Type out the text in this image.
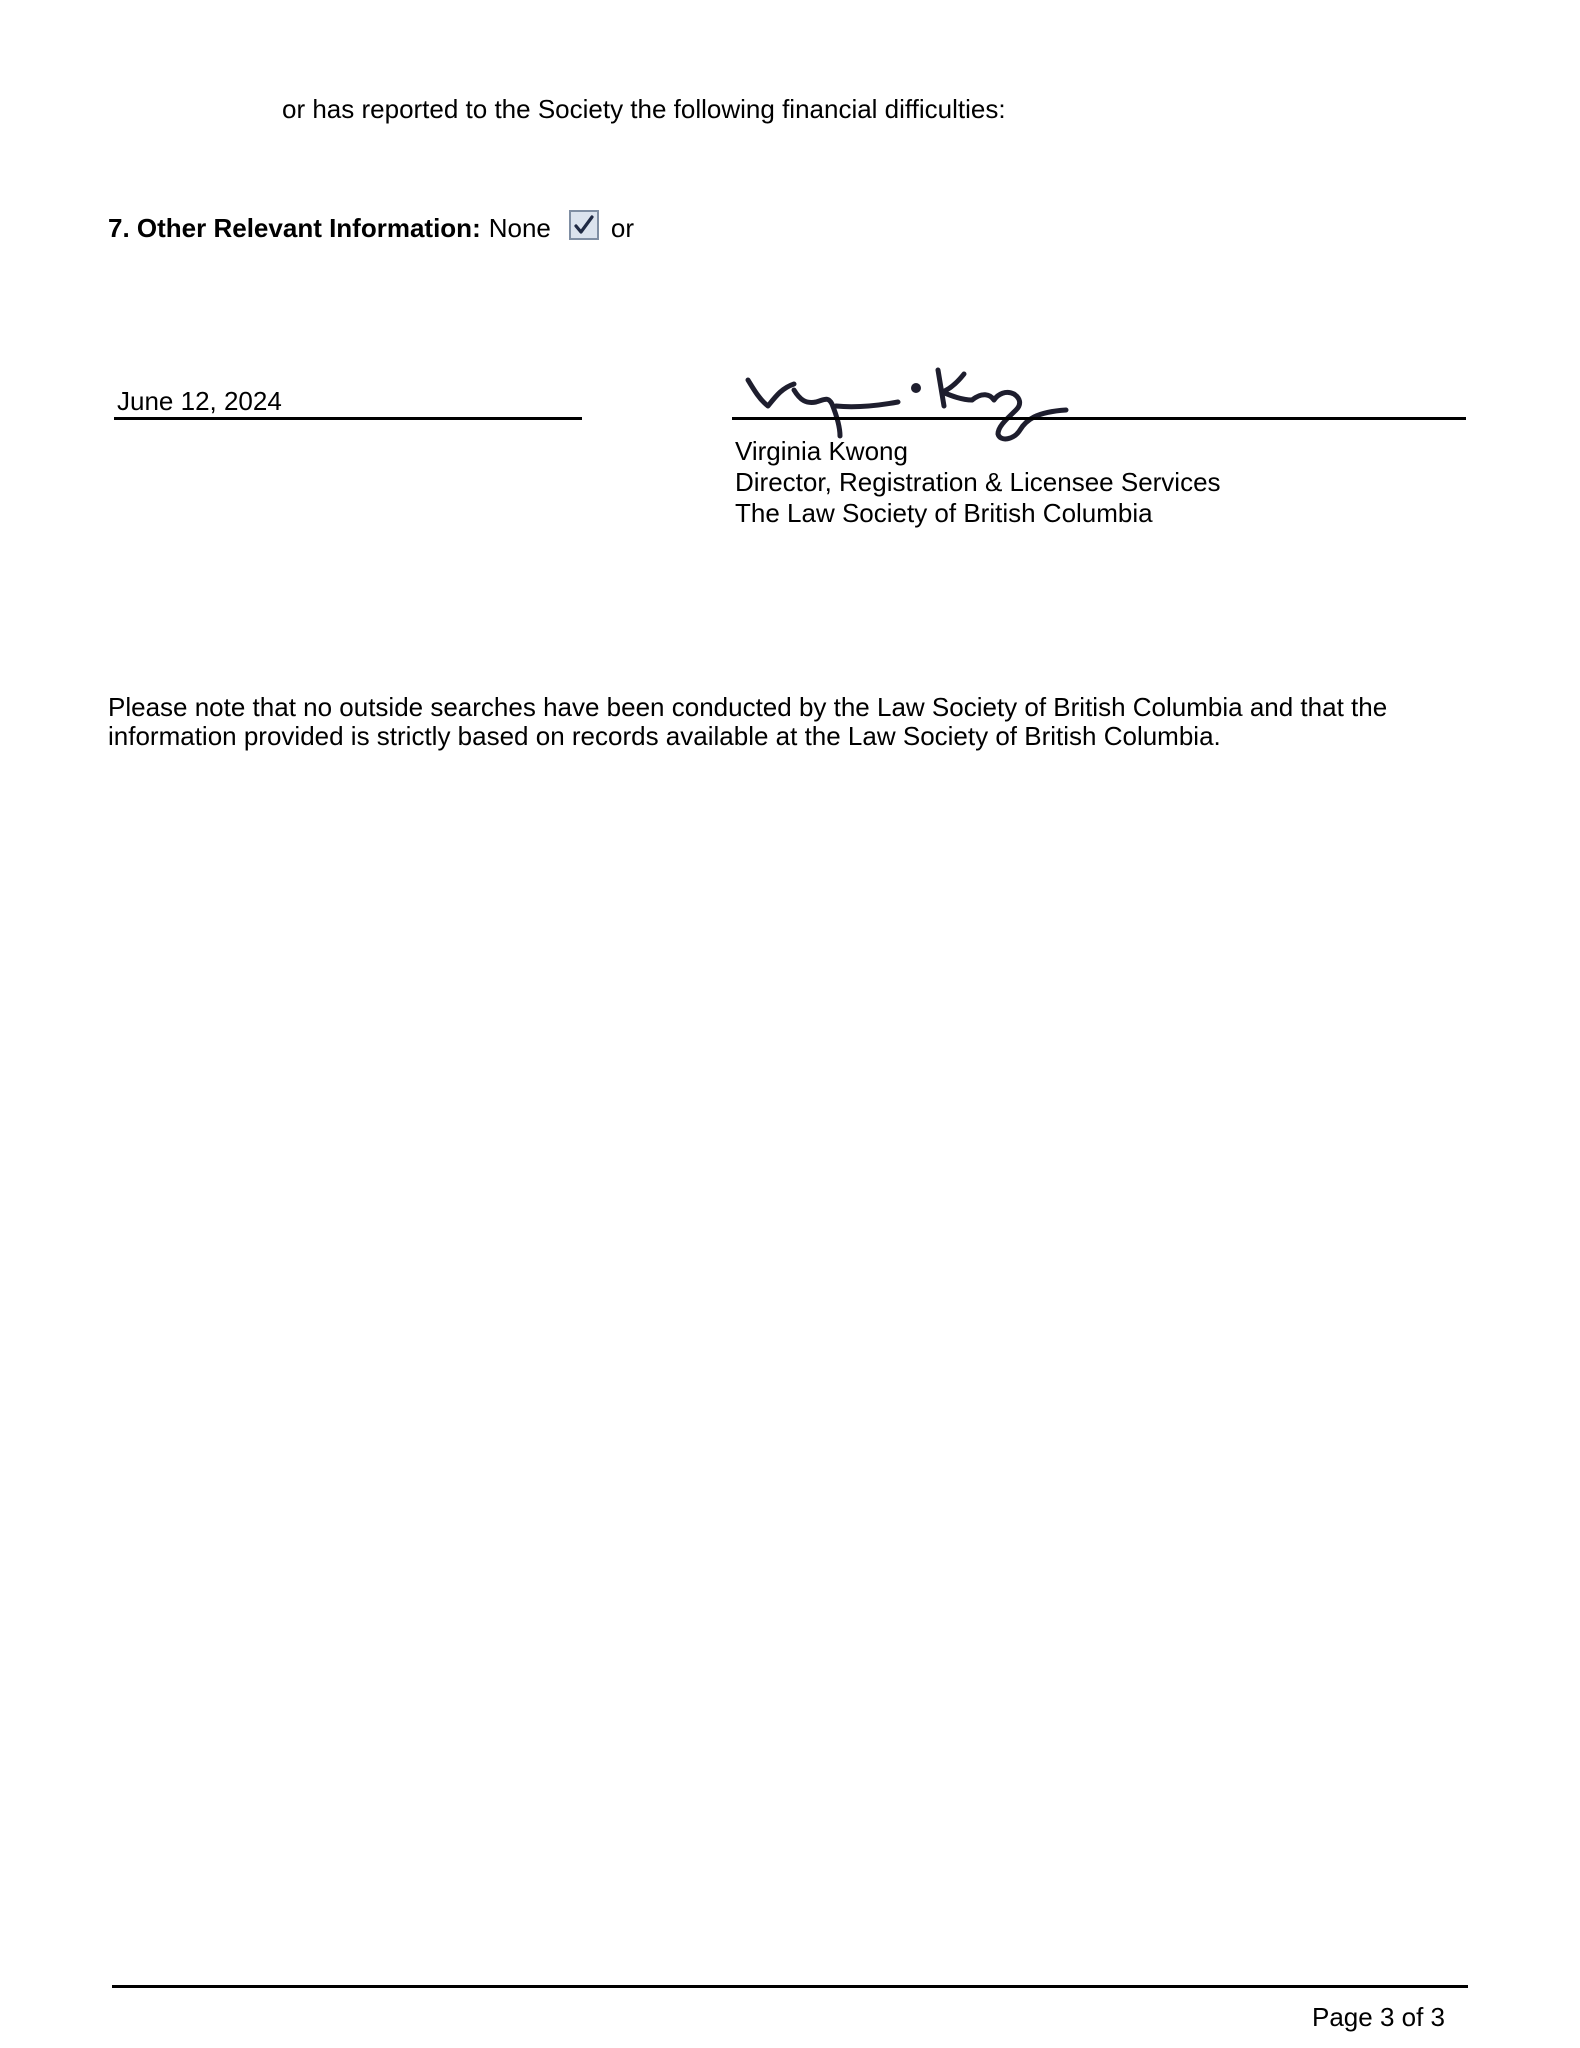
or has reported to the Society the following financial difficulties:
7. Other Relevant Information: None or
June 12, 2024
Virginia Kwong
Director, Registration & Licensee Services
The Law Society of British Columbia
Please note that no outside searches have been conducted by the Law Society of British Columbia and that the
information provided is strictly based on records available at the Law Society of British Columbia.
Page 3 of 3
